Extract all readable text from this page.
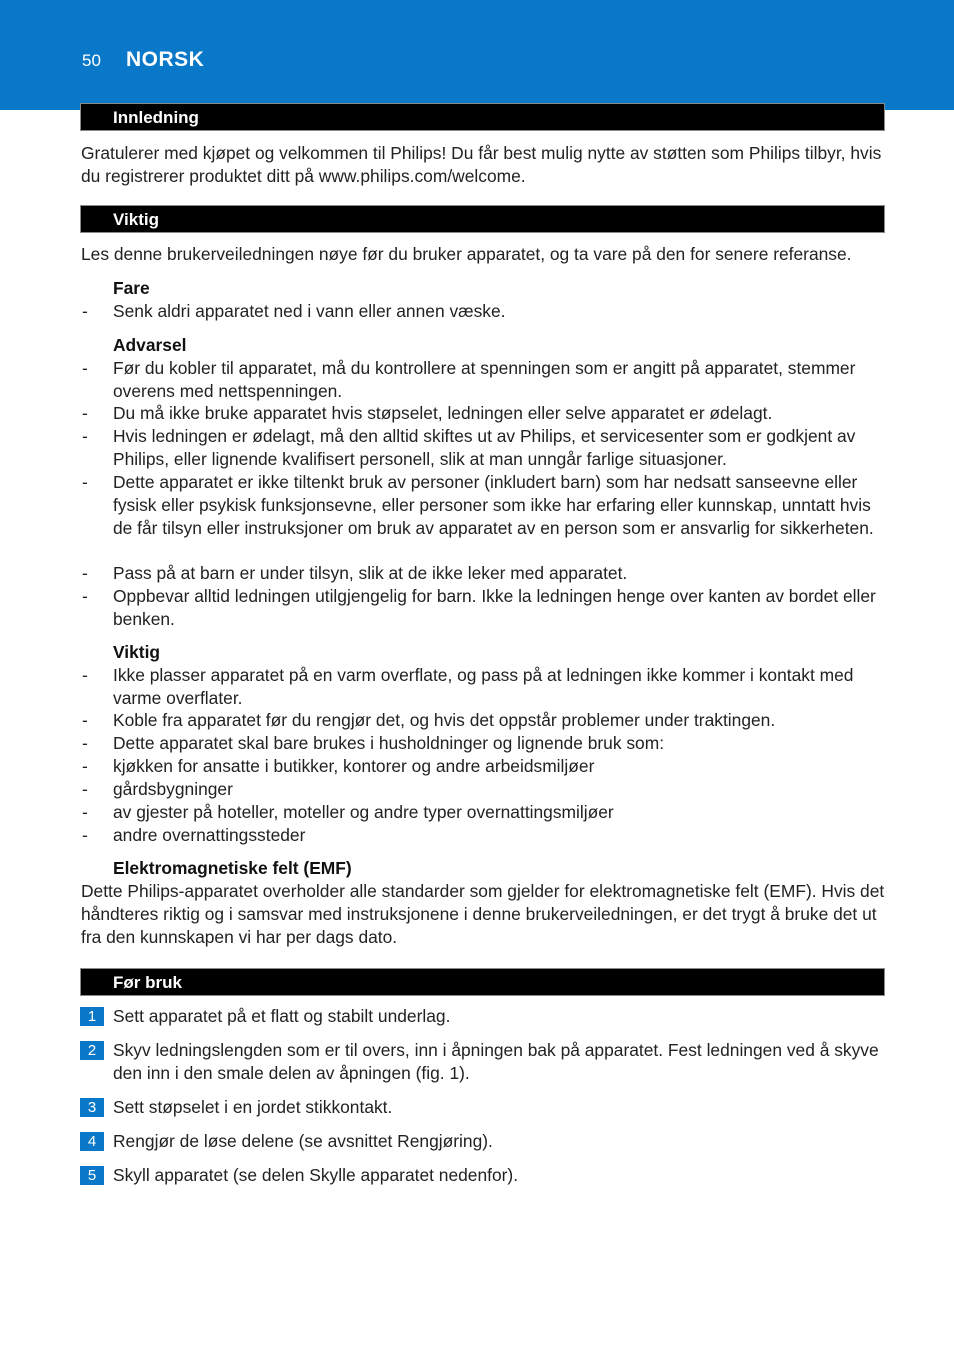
50 NORSK
Innledning
Gratulerer med kjøpet og velkommen til Philips! Du får best mulig nytte av støtten som Philips tilbyr, hvis du registrerer produktet ditt på www.philips.com/welcome.
Viktig
Les denne brukerveiledningen nøye før du bruker apparatet, og ta vare på den for senere referanse.
Fare
- Senk aldri apparatet ned i vann eller annen væske.
Advarsel
- Før du kobler til apparatet, må du kontrollere at spenningen som er angitt på apparatet, stemmer overens med nettspenningen.
- Du må ikke bruke apparatet hvis støpselet, ledningen eller selve apparatet er ødelagt.
- Hvis ledningen er ødelagt, må den alltid skiftes ut av Philips, et servicesenter som er godkjent av Philips, eller lignende kvalifisert personell, slik at man unngår farlige situasjoner.
- Dette apparatet er ikke tiltenkt bruk av personer (inkludert barn) som har nedsatt sanseevne eller fysisk eller psykisk funksjonsevne, eller personer som ikke har erfaring eller kunnskap, unntatt hvis de får tilsyn eller instruksjoner om bruk av apparatet av en person som er ansvarlig for sikkerheten.
- Pass på at barn er under tilsyn, slik at de ikke leker med apparatet.
- Oppbevar alltid ledningen utilgjengelig for barn. Ikke la ledningen henge over kanten av bordet eller benken.
Viktig
- Ikke plasser apparatet på en varm overflate, og pass på at ledningen ikke kommer i kontakt med varme overflater.
- Koble fra apparatet før du rengjør det, og hvis det oppstår problemer under traktingen.
- Dette apparatet skal bare brukes i husholdninger og lignende bruk som:
- kjøkken for ansatte i butikker, kontorer og andre arbeidsmiljøer
- gårdsbygninger
- av gjester på hoteller, moteller og andre typer overnattingsmiljøer
- andre overnattingssteder
Elektromagnetiske felt (EMF)
Dette Philips-apparatet overholder alle standarder som gjelder for elektromagnetiske felt (EMF). Hvis det håndteres riktig og i samsvar med instruksjonene i denne brukerveiledningen, er det trygt å bruke det ut fra den kunnskapen vi har per dags dato.
Før bruk
1 Sett apparatet på et flatt og stabilt underlag.
2 Skyv ledningslengden som er til overs, inn i åpningen bak på apparatet. Fest ledningen ved å skyve den inn i den smale delen av åpningen (fig. 1).
3 Sett støpselet i en jordet stikkontakt.
4 Rengjør de løse delene (se avsnittet Rengjøring).
5 Skyll apparatet (se delen Skylle apparatet nedenfor).
